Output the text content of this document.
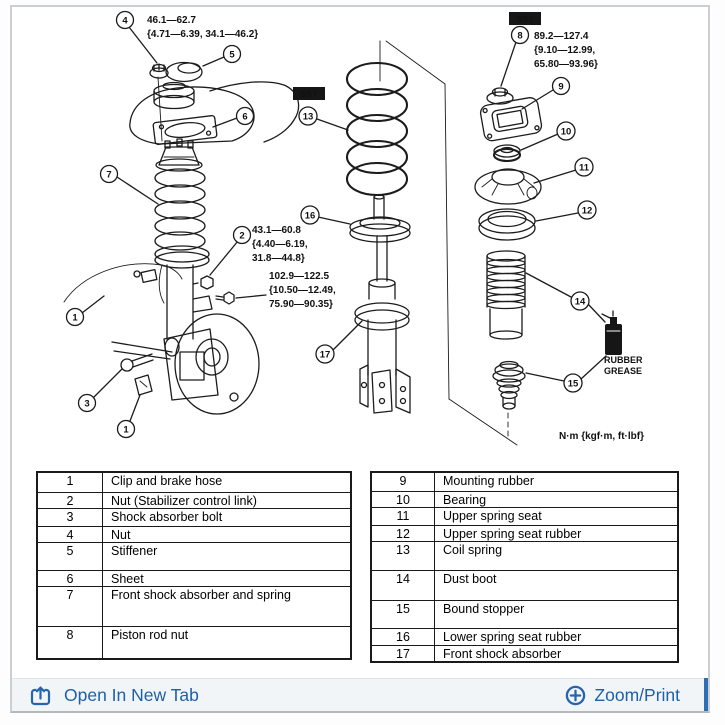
46.1—62.7
{4.71—6.39, 34.1—46.2}
43.1—60.8
{4.40—6.19,
31.8—44.8}
102.9—122.5
{10.50—12.49,
75.90—90.35}
SST
SST
89.2—127.4
{9.10—12.99,
65.80—93.96}
RUBBER
GREASE
N·m {kgf·m, ft·lbf}
4
5
6
7
2
1
3
1
13
16
17
8
9
10
11
12
14
15
1	Clip and brake hose
2	Nut (Stabilizer control link)
3	Shock absorber bolt
4	Nut
5	Stiffener
6	Sheet
7	Front shock absorber and spring
8	Piston rod nut
9	Mounting rubber
10	Bearing
11	Upper spring seat
12	Upper spring seat rubber
13	Coil spring
14	Dust boot
15	Bound stopper
16	Lower spring seat rubber
17	Front shock absorber
Open In New Tab	Zoom/Print
